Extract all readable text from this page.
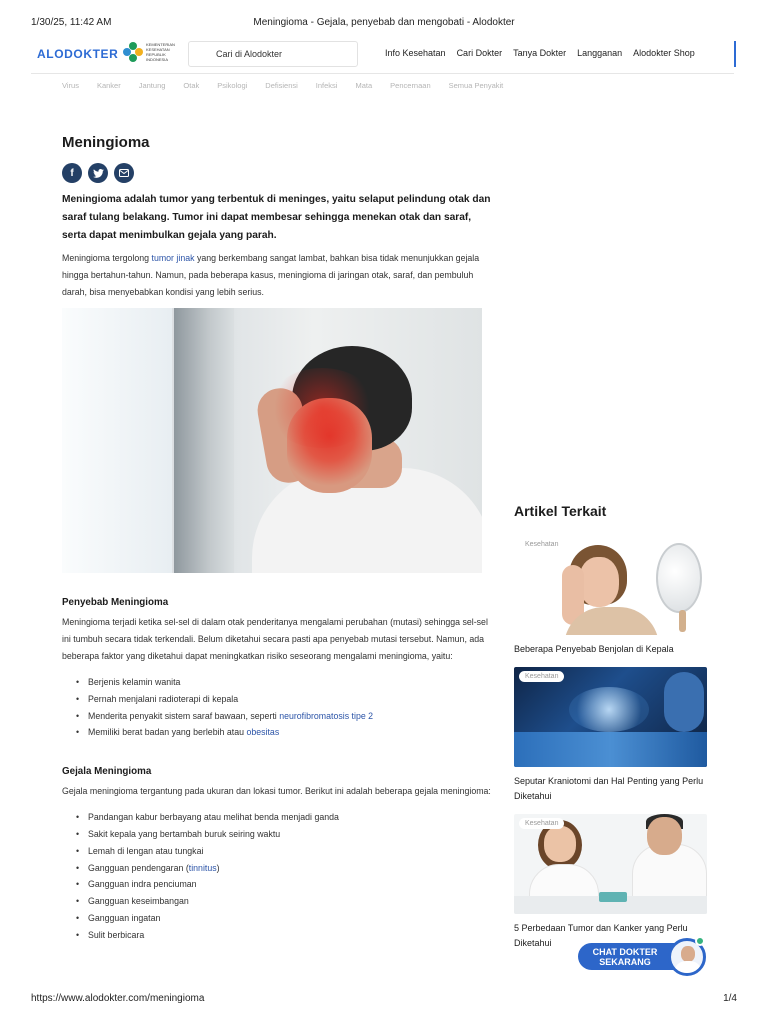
1/30/25, 11:42 AM	Meningioma - Gejala, penyebab dan mengobati - Alodokter
ALODOKTER
KEMENTERIAN KESEHATAN REPUBLIK INDONESIA
Cari di Alodokter	Info Kesehatan Cari Dokter Tanya Dokter Langganan Alodokter Shop
Virus Kanker Jantung Otak Psikologi Defisiensi Infeksi Mata Pencernaan Semua Penyakit
Meningioma
f

Meningioma adalah tumor yang terbentuk di meninges, yaitu selaput pelindung otak dan saraf tulang belakang. Tumor ini dapat membesar sehingga menekan otak dan saraf, serta dapat menimbulkan gejala yang parah.

Meningioma tergolong tumor jinak yang berkembang sangat lambat, bahkan bisa tidak menunjukkan gejala hingga bertahun-tahun. Namun, pada beberapa kasus, meningioma di jaringan otak, saraf, dan pembuluh darah, bisa menyebabkan kondisi yang lebih serius.

Penyebab Meningioma

Meningioma terjadi ketika sel-sel di dalam otak penderitanya mengalami perubahan (mutasi) sehingga sel-sel ini tumbuh secara tidak terkendali. Belum diketahui secara pasti apa penyebab mutasi tersebut. Namun, ada beberapa faktor yang diketahui dapat meningkatkan risiko seseorang mengalami meningioma, yaitu:

• Berjenis kelamin wanita
• Pernah menjalani radioterapi di kepala
• Menderita penyakit sistem saraf bawaan, seperti neurofibromatosis tipe 2
• Memiliki berat badan yang berlebih atau obesitas
Gejala Meningioma

Gejala meningioma tergantung pada ukuran dan lokasi tumor. Berikut ini adalah beberapa gejala meningioma:

• Pandangan kabur berbayang atau melihat benda menjadi ganda
• Sakit kepala yang bertambah buruk seiring waktu
• Lemah di lengan atau tungkai
• Gangguan pendengaran (tinnitus)
• Gangguan indra penciuman
• Gangguan keseimbangan
• Gangguan ingatan
• Sulit berbicara
Artikel Terkait
Kesehatan
Beberapa Penyebab Benjolan di Kepala
Kesehatan
Seputar Kraniotomi dan Hal Penting yang Perlu Diketahui
Kesehatan
5 Perbedaan Tumor dan Kanker yang Perlu Diketahui
CHAT DOKTER
SEKARANG
https://www.alodokter.com/meningioma	1/4
